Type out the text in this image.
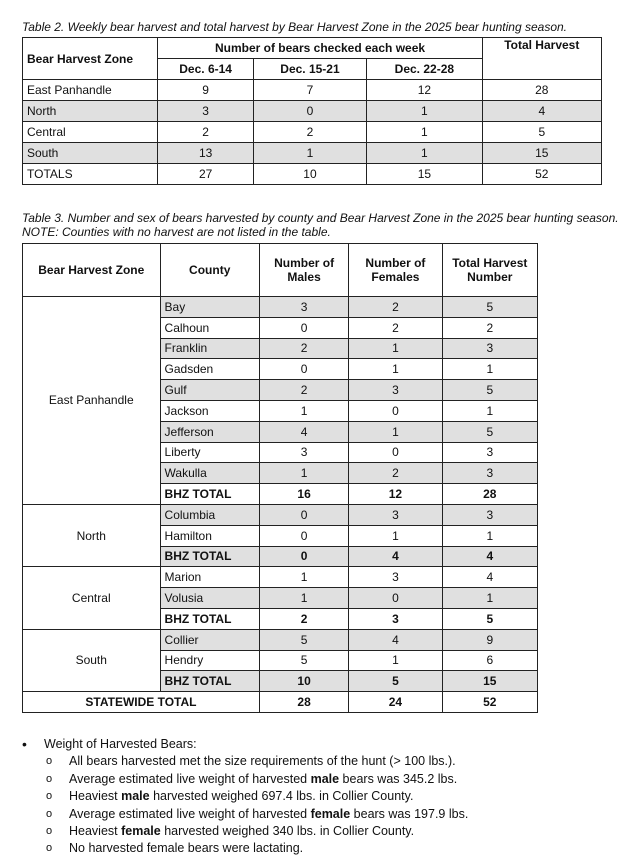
Table 2. Weekly bear harvest and total harvest by Bear Harvest Zone in the 2025 bear hunting season.
Bear Harvest Zone	Number of bears checked each week			Total Harvest
	Dec. 6-14	Dec. 15-21	Dec. 22-28	
East Panhandle	9	7	12	28
North	3	0	1	4
Central	2	2	1	5
South	13	1	1	15
TOTALS	27	10	15	52
Table 3. Number and sex of bears harvested by county and Bear Harvest Zone in the 2025 bear hunting season. NOTE: Counties with no harvest are not listed in the table.
Bear Harvest Zone	County	Number of Males	Number of Females	Total Harvest Number
East Panhandle	Bay	3	2	5
	Calhoun	0	2	2
	Franklin	2	1	3
	Gadsden	0	1	1
	Gulf	2	3	5
	Jackson	1	0	1
	Jefferson	4	1	5
	Liberty	3	0	3
	Wakulla	1	2	3
	BHZ TOTAL	16	12	28
North	Columbia	0	3	3
	Hamilton	0	1	1
	BHZ TOTAL	0	4	4
Central	Marion	1	3	4
	Volusia	1	0	1
	BHZ TOTAL	2	3	5
South	Collier	5	4	9
	Hendry	5	1	6
	BHZ TOTAL	10	5	15
STATEWIDE TOTAL		28	24	52
• Weight of Harvested Bears:
o All bears harvested met the size requirements of the hunt (> 100 lbs.).
o Average estimated live weight of harvested male bears was 345.2 lbs.
o Heaviest male harvested weighed 697.4 lbs. in Collier County.
o Average estimated live weight of harvested female bears was 197.9 lbs.
o Heaviest female harvested weighed 340 lbs. in Collier County.
o No harvested female bears were lactating.
